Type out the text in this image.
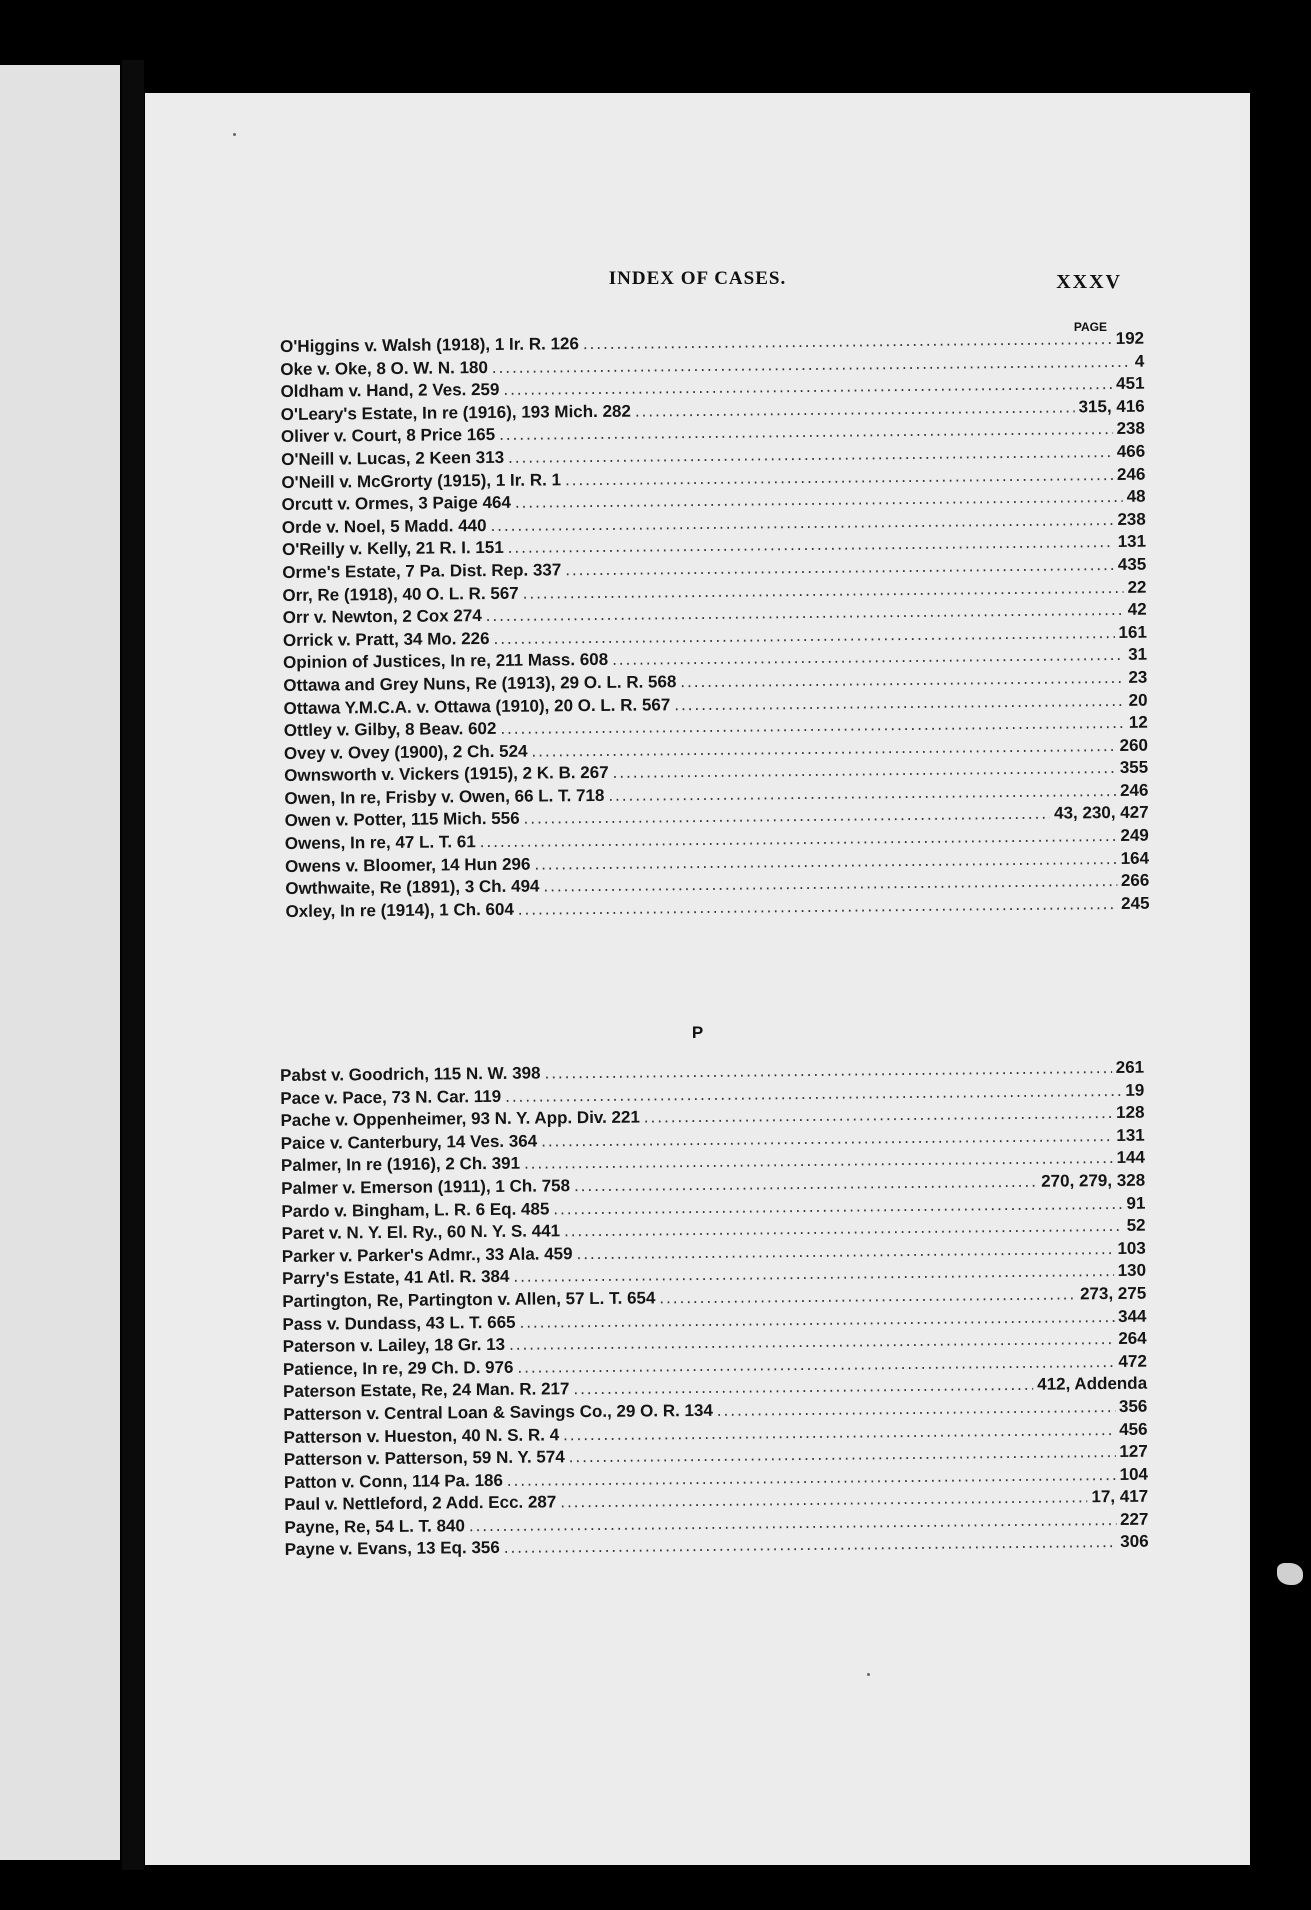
INDEX OF CASES.	XXXV
PAGE
O'Higgins v. Walsh (1918), 1 Ir. R. 126 .....	192
Oke v. Oke, 8 O. W. N. 180 .....	4
Oldham v. Hand, 2 Ves. 259 .....	451
O'Leary's Estate, In re (1916), 193 Mich. 282 .....	315, 416
Oliver v. Court, 8 Price 165 .....	238
O'Neill v. Lucas, 2 Keen 313 .....	466
O'Neill v. McGrorty (1915), 1 Ir. R. 1 .....	246
Orcutt v. Ormes, 3 Paige 464 .....	48
Orde v. Noel, 5 Madd. 440 .....	238
O'Reilly v. Kelly, 21 R. I. 151 .....	131
Orme's Estate, 7 Pa. Dist. Rep. 337 .....	435
Orr, Re (1918), 40 O. L. R. 567 .....	22
Orr v. Newton, 2 Cox 274 .....	42
Orrick v. Pratt, 34 Mo. 226 .....	161
Opinion of Justices, In re, 211 Mass. 608 .....	31
Ottawa and Grey Nuns, Re (1913), 29 O. L. R. 568 .....	23
Ottawa Y.M.C.A. v. Ottawa (1910), 20 O. L. R. 567 .....	20
Ottley v. Gilby, 8 Beav. 602 .....	12
Ovey v. Ovey (1900), 2 Ch. 524 .....	260
Ownsworth v. Vickers (1915), 2 K. B. 267 .....	355
Owen, In re, Frisby v. Owen, 66 L. T. 718 .....	246
Owen v. Potter, 115 Mich. 556 .....	43, 230, 427
Owens, In re, 47 L. T. 61 .....	249
Owens v. Bloomer, 14 Hun 296 .....	164
Owthwaite, Re (1891), 3 Ch. 494 .....	266
Oxley, In re (1914), 1 Ch. 604 .....	245
P
Pabst v. Goodrich, 115 N. W. 398 .....	261
Pace v. Pace, 73 N. Car. 119 .....	19
Pache v. Oppenheimer, 93 N. Y. App. Div. 221 .....	128
Paice v. Canterbury, 14 Ves. 364 .....	131
Palmer, In re (1916), 2 Ch. 391 .....	144
Palmer v. Emerson (1911), 1 Ch. 758 .....	270, 279, 328
Pardo v. Bingham, L. R. 6 Eq. 485 .....	91
Paret v. N. Y. El. Ry., 60 N. Y. S. 441 .....	52
Parker v. Parker's Admr., 33 Ala. 459 .....	103
Parry's Estate, 41 Atl. R. 384 .....	130
Partington, Re, Partington v. Allen, 57 L. T. 654 .....	273, 275
Pass v. Dundass, 43 L. T. 665 .....	344
Paterson v. Lailey, 18 Gr. 13 .....	264
Patience, In re, 29 Ch. D. 976 .....	472
Paterson Estate, Re, 24 Man. R. 217 .....	412, Addenda
Patterson v. Central Loan & Savings Co., 29 O. R. 134 .....	356
Patterson v. Hueston, 40 N. S. R. 4 .....	456
Patterson v. Patterson, 59 N. Y. 574 .....	127
Patton v. Conn, 114 Pa. 186 .....	104
Paul v. Nettleford, 2 Add. Ecc. 287 .....	17, 417
Payne, Re, 54 L. T. 840 .....	227
Payne v. Evans, 13 Eq. 356 .....	306
